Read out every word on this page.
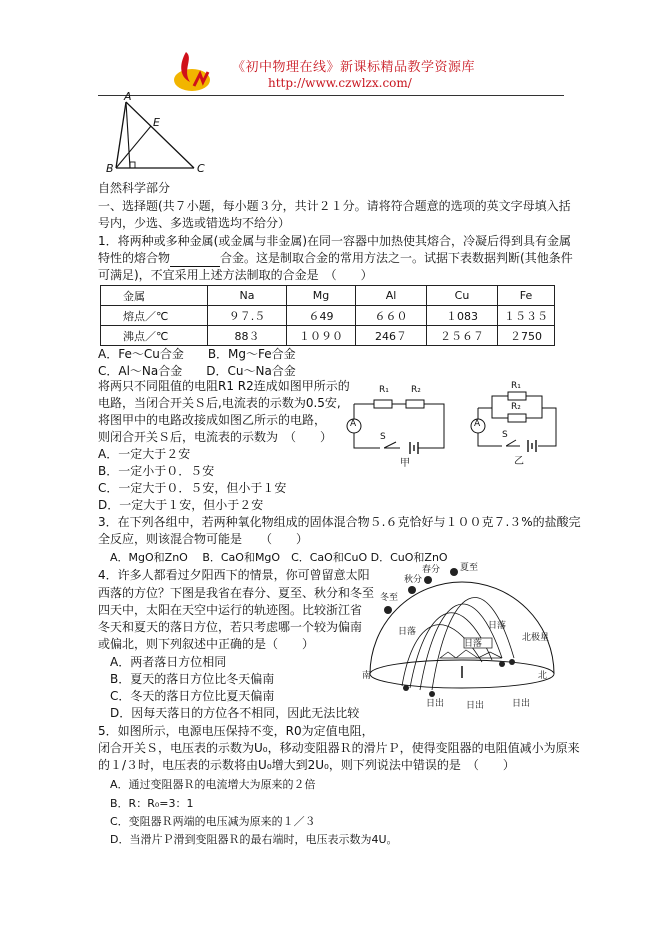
《初中物理在线》新课标精品教学资源库
http://www.czwlzx.com/
A
E
B	C
自然科学部分
一、选择题(共７小题，每小题３分，共计２１分。请将符合题意的选项的英文字母填入括
号内，少选、多选或错选均不给分）
1．将两种或多种金属(或金属与非金属)在同一容器中加热使其熔合，冷凝后得到具有金属
特性的熔合物	合金。这是制取合金的常用方法之一。试据下表数据判断(其他条件
可满足)，不宜采用上述方法制取的合金是　（　　）
金属	Na	Mg	Al	Cu	Fe
熔点／℃	９７.５	６49	６６０	１083	１５３５
沸点／℃	88３	１０９０	246７	２５６７	２750
A．Fe～Cu合金　　B．Mg～Fe合金
C．Al～Na合金　　D．Cu～Na合金
将两只不同阻值的电阻R1 R2连成如图甲所示的
电路，当闭合开关Ｓ后,电流表的示数为0.5安,
将图甲中的电路改接成如图乙所示的电路，
则闭合开关Ｓ后，电流表的示数为　（　　）
A．一定大于２安
B．一定小于０．５安
C．一定大于０．５安，但小于１安
D．一定大于１安，但小于２安
R₁ R₂
A
S
甲
R₁
R₂
A
S
乙
3．在下列各组中，若两种氧化物组成的固体混合物５.６克恰好与１００克７.３%的盐酸完
全反应，则该混合物可能是　　（　　）
A．MgO和ZnO　 B．CaO和MgO　C．CaO和CuO D．CuO和ZnO
4．许多人都看过夕阳西下的情景，你可曾留意太阳
西落的方位？下图是我省在春分、夏至、秋分和冬至
四天中，太阳在天空中运行的轨迹图。比较浙江省
冬天和夏天的落日方位，若只考虑哪一个较为偏南
或偏北，则下列叙述中正确的是（　　）
A．两者落日方位相同
B．夏天的落日方位比冬天偏南
C．冬天的落日方位比夏天偏南
D．因每天落日的方位各不相同，因此无法比较
冬至
秋分
春分 夏至
日落
日落
日落
日出 日出	日出
南	北
北极星
5．如图所示，电源电压保持不变，R0为定值电阻，
闭合开关Ｓ，电压表的示数为U₀，移动变阻器Ｒ的滑片Ｐ，使得变阻器的电阻值减小为原来
的１/３时，电压表的示数将由U₀增大到2U₀，则下列说法中错误的是　（　　）
A．通过变阻器Ｒ的电流增大为原来的２倍
B．R：R₀=3：1
C．变阻器Ｒ两端的电压减为原来的１／３
D．当滑片Ｐ滑到变阻器Ｒ的最右端时，电压表示数为4U。
